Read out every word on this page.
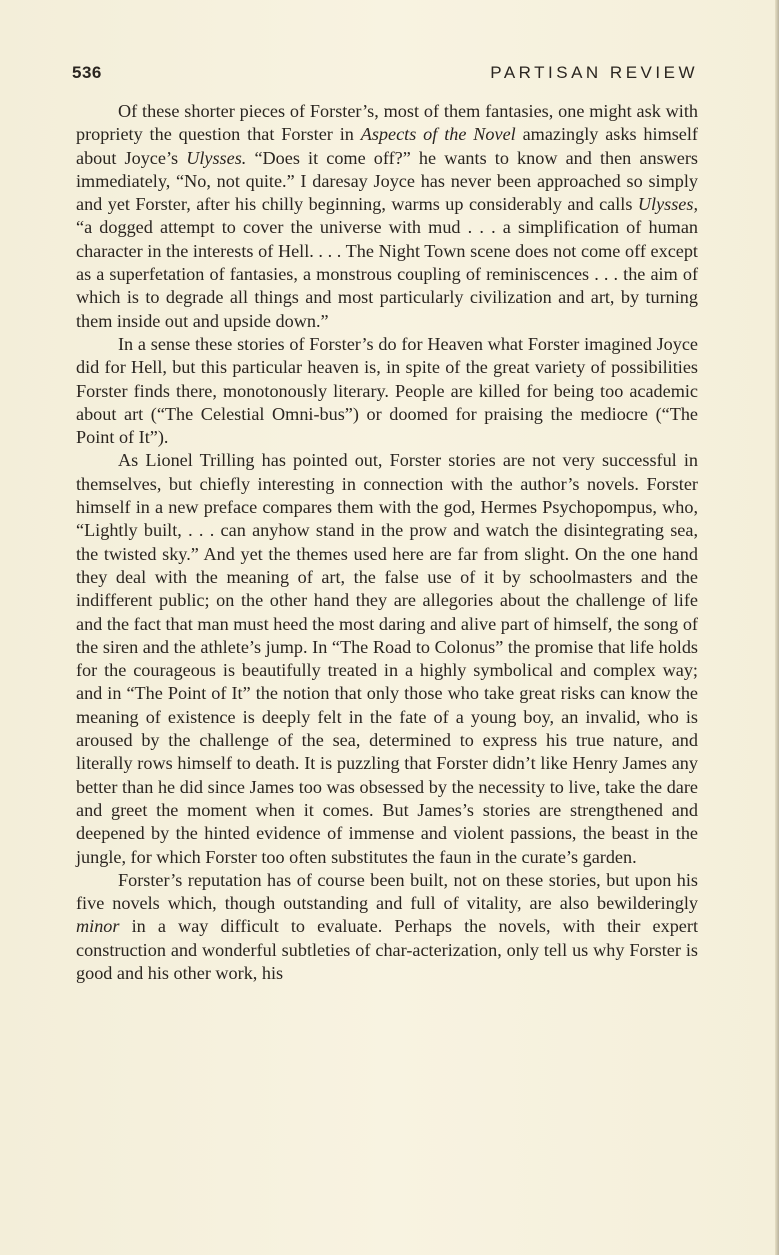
536	PARTISAN REVIEW

Of these shorter pieces of Forster’s, most of them fantasies, one might ask with propriety the question that Forster in Aspects of the Novel amazingly asks himself about Joyce’s Ulysses. “Does it come off?” he wants to know and then answers immediately, “No, not quite.” I daresay Joyce has never been approached so simply and yet Forster, after his chilly beginning, warms up considerably and calls Ulysses, “a dogged attempt to cover the universe with mud . . . a simplification of human character in the interests of Hell. . . . The Night Town scene does not come off except as a superfetation of fantasies, a monstrous coupling of reminiscences . . . the aim of which is to degrade all things and most particularly civilization and art, by turning them inside out and upside down.”

In a sense these stories of Forster’s do for Heaven what Forster imagined Joyce did for Hell, but this particular heaven is, in spite of the great variety of possibilities Forster finds there, monotonously literary. People are killed for being too academic about art (“The Celestial Omni-bus”) or doomed for praising the mediocre (“The Point of It”).

As Lionel Trilling has pointed out, Forster stories are not very successful in themselves, but chiefly interesting in connection with the author’s novels. Forster himself in a new preface compares them with the god, Hermes Psychopompus, who, “Lightly built, . . . can anyhow stand in the prow and watch the disintegrating sea, the twisted sky.” And yet the themes used here are far from slight. On the one hand they deal with the meaning of art, the false use of it by schoolmasters and the indifferent public; on the other hand they are allegories about the challenge of life and the fact that man must heed the most daring and alive part of himself, the song of the siren and the athlete’s jump. In “The Road to Colonus” the promise that life holds for the courageous is beautifully treated in a highly symbolical and complex way; and in “The Point of It” the notion that only those who take great risks can know the meaning of existence is deeply felt in the fate of a young boy, an invalid, who is aroused by the challenge of the sea, determined to express his true nature, and literally rows himself to death. It is puzzling that Forster didn’t like Henry James any better than he did since James too was obsessed by the necessity to live, take the dare and greet the moment when it comes. But James’s stories are strengthened and deepened by the hinted evidence of immense and violent passions, the beast in the jungle, for which Forster too often substitutes the faun in the curate’s garden.

Forster’s reputation has of course been built, not on these stories, but upon his five novels which, though outstanding and full of vitality, are also bewilderingly minor in a way difficult to evaluate. Perhaps the novels, with their expert construction and wonderful subtleties of char-acterization, only tell us why Forster is good and his other work, his
